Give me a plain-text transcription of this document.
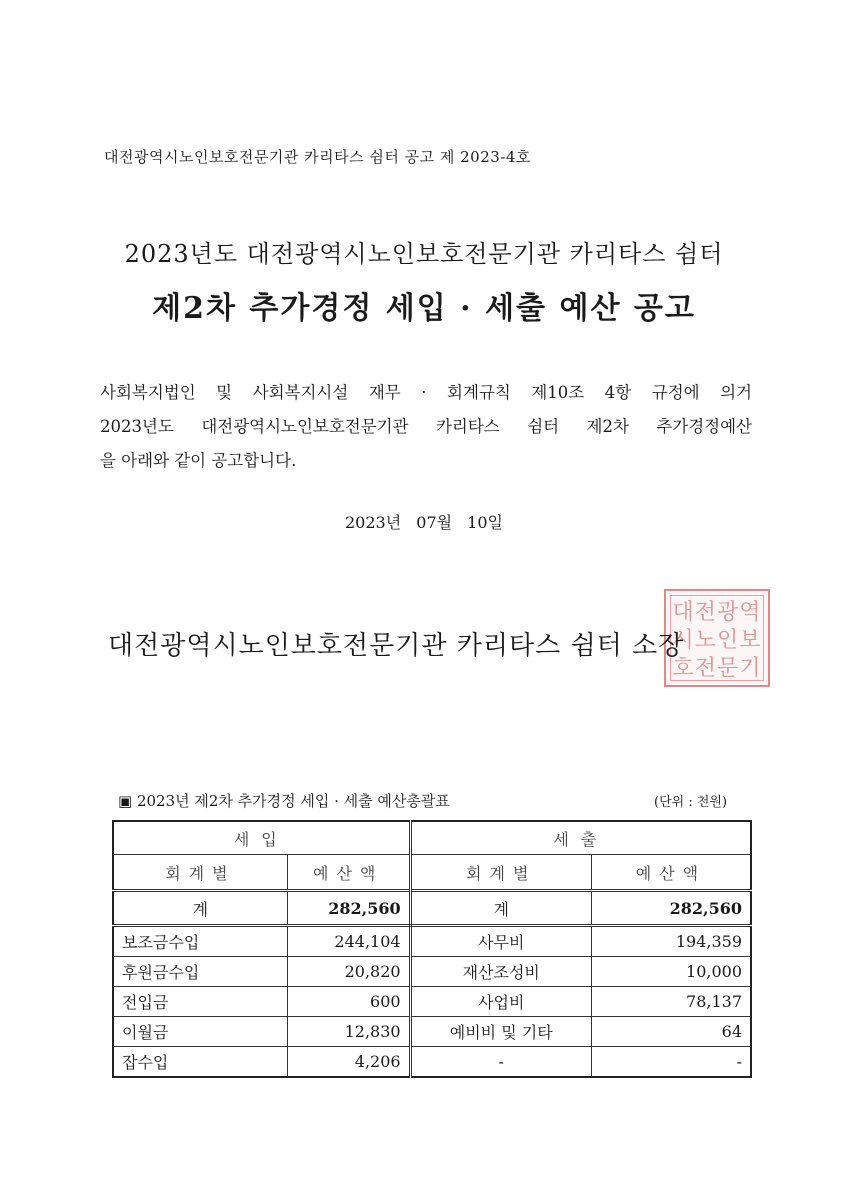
대전광역시노인보호전문기관 카리타스 쉼터 공고 제 2023-4호
2023년도 대전광역시노인보호전문기관 카리타스 쉼터
제2차 추가경정 세입 · 세출 예산 공고
사회복지법인 및 사회복지시설 재무 · 회계규칙 제10조 4항 규정에 의거
2023년도 대전광역시노인보호전문기관 카리타스 쉼터 제2차 추가경정예산
을 아래와 같이 공고합니다.
2023년 07월 10일
대전광역
시노인보
호전문기
대전광역시노인보호전문기관 카리타스 쉼터 소장
▣ 2023년 제2차 추가경정 세입 · 세출 예산총괄표	(단위 : 천원)
세입		세출	
회계별	예산액	회계별	예산액
계	282,560	계	282,560
보조금수입	244,104	사무비	194,359
후원금수입	20,820	재산조성비	10,000
전입금	600	사업비	78,137
이월금	12,830	예비비 및 기타	64
잡수입	4,206	-	-
